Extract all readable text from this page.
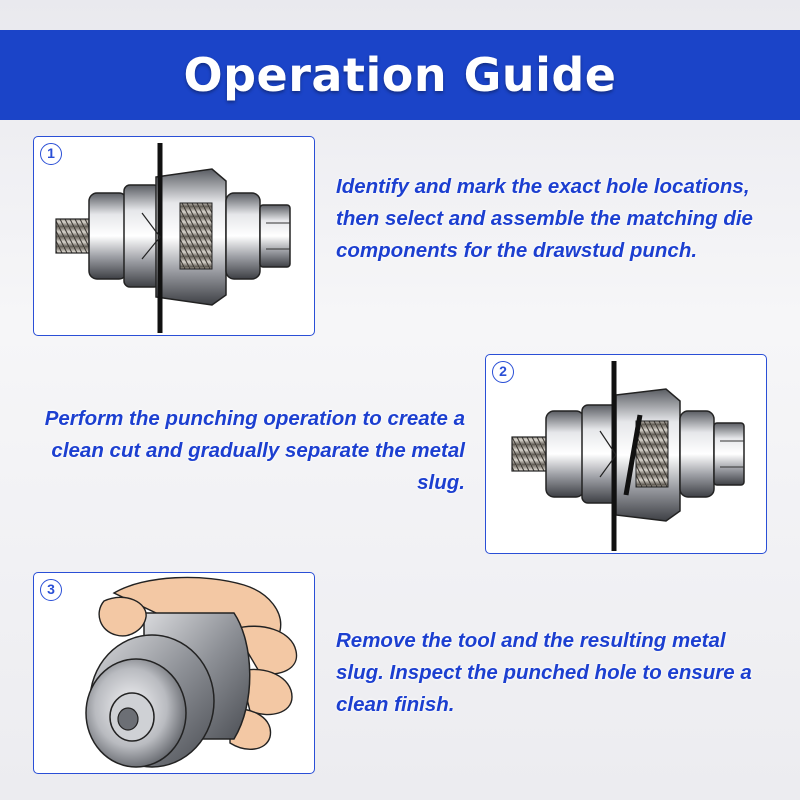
Operation Guide
1

Identify and mark the exact hole locations, then select and assemble the matching die components for the drawstud punch.

2

Perform the punching operation to create a clean cut and gradually separate the metal slug.

3

Remove the tool and the resulting metal slug. Inspect the punched hole to ensure a clean finish.
